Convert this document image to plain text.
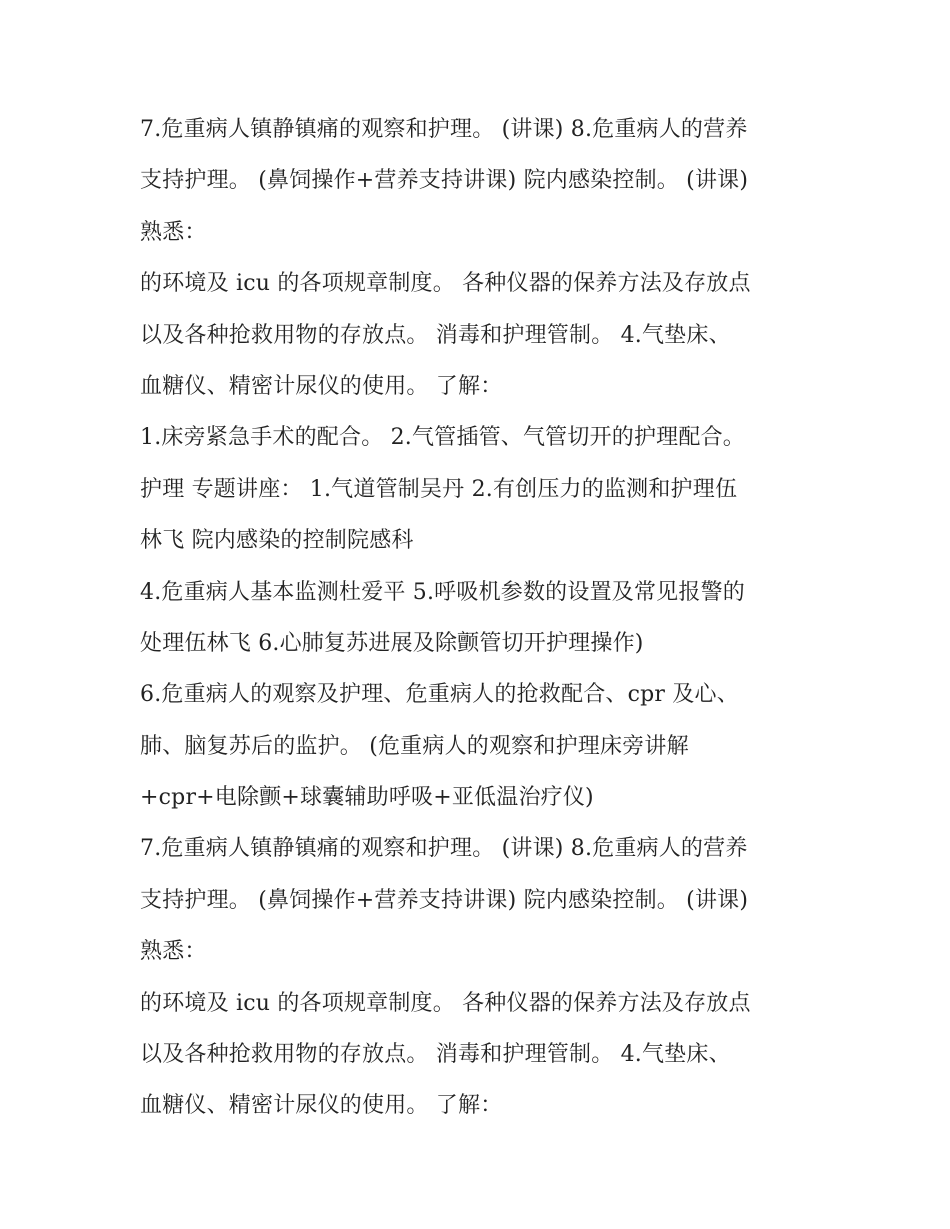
7.危重病人镇静镇痛的观察和护理。 (讲课) 8.危重病人的营养
支持护理。 (鼻饲操作+营养支持讲课) 院内感染控制。 (讲课)
熟悉：
的环境及 icu 的各项规章制度。 各种仪器的保养方法及存放点
以及各种抢救用物的存放点。 消毒和护理管制。 4.气垫床、
血糖仪、精密计尿仪的使用。 了解：
1.床旁紧急手术的配合。 2.气管插管、气管切开的护理配合。
护理 专题讲座： 1.气道管制吴丹 2.有创压力的监测和护理伍
林飞 院内感染的控制院感科
4.危重病人基本监测杜爱平 5.呼吸机参数的设置及常见报警的
处理伍林飞 6.心肺复苏进展及除颤管切开护理操作)
6.危重病人的观察及护理、危重病人的抢救配合、cpr 及心、
肺、脑复苏后的监护。 (危重病人的观察和护理床旁讲解
+cpr+电除颤+球囊辅助呼吸+亚低温治疗仪)
7.危重病人镇静镇痛的观察和护理。 (讲课) 8.危重病人的营养
支持护理。 (鼻饲操作+营养支持讲课) 院内感染控制。 (讲课)
熟悉：
的环境及 icu 的各项规章制度。 各种仪器的保养方法及存放点
以及各种抢救用物的存放点。 消毒和护理管制。 4.气垫床、
血糖仪、精密计尿仪的使用。 了解：
